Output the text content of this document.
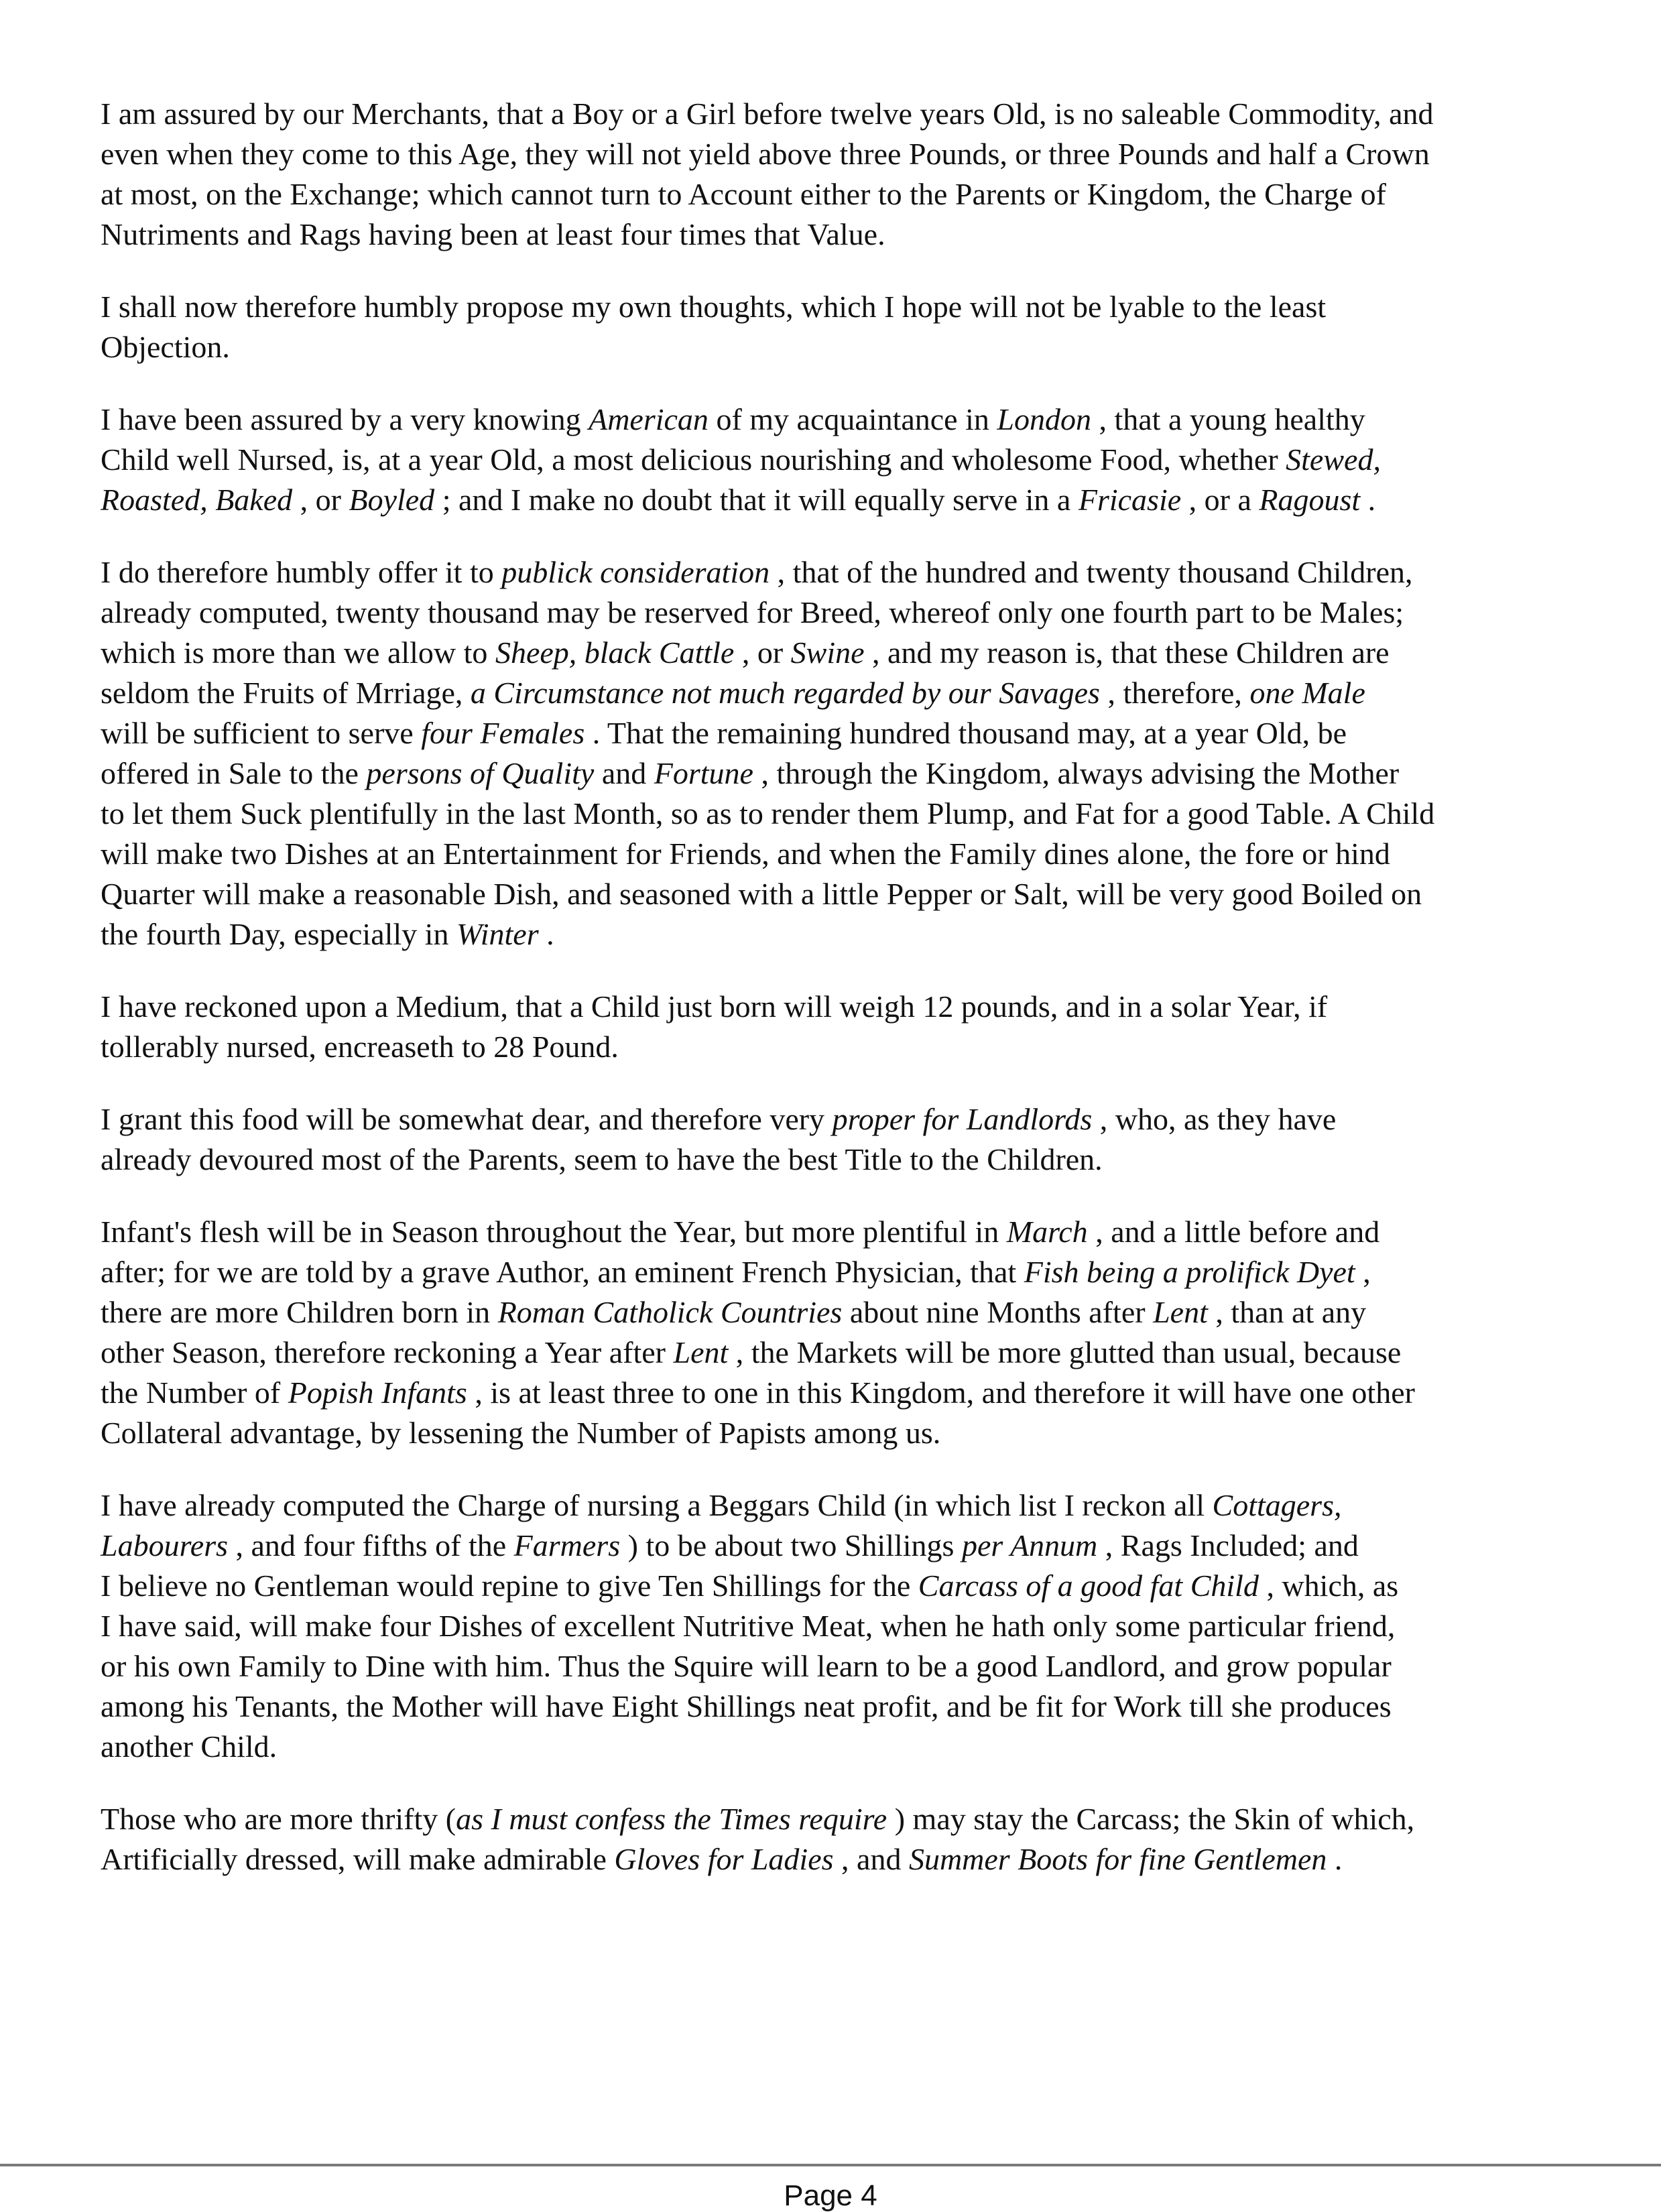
I am assured by our Merchants, that a Boy or a Girl before twelve years Old, is no saleable Commodity, and
even when they come to this Age, they will not yield above three Pounds, or three Pounds and half a Crown
at most, on the Exchange; which cannot turn to Account either to the Parents or Kingdom, the Charge of
Nutriments and Rags having been at least four times that Value.

I shall now therefore humbly propose my own thoughts, which I hope will not be lyable to the least
Objection.

I have been assured by a very knowing American of my acquaintance in London , that a young healthy
Child well Nursed, is, at a year Old, a most delicious nourishing and wholesome Food, whether Stewed,
Roasted, Baked , or Boyled ; and I make no doubt that it will equally serve in a Fricasie , or a Ragoust .

I do therefore humbly offer it to publick consideration , that of the hundred and twenty thousand Children,
already computed, twenty thousand may be reserved for Breed, whereof only one fourth part to be Males;
which is more than we allow to Sheep, black Cattle , or Swine , and my reason is, that these Children are
seldom the Fruits of Mrriage, a Circumstance not much regarded by our Savages , therefore, one Male
will be sufficient to serve four Females . That the remaining hundred thousand may, at a year Old, be
offered in Sale to the persons of Quality and Fortune , through the Kingdom, always advising the Mother
to let them Suck plentifully in the last Month, so as to render them Plump, and Fat for a good Table. A Child
will make two Dishes at an Entertainment for Friends, and when the Family dines alone, the fore or hind
Quarter will make a reasonable Dish, and seasoned with a little Pepper or Salt, will be very good Boiled on
the fourth Day, especially in Winter .

I have reckoned upon a Medium, that a Child just born will weigh 12 pounds, and in a solar Year, if
tollerably nursed, encreaseth to 28 Pound.

I grant this food will be somewhat dear, and therefore very proper for Landlords , who, as they have
already devoured most of the Parents, seem to have the best Title to the Children.

Infant's flesh will be in Season throughout the Year, but more plentiful in March , and a little before and
after; for we are told by a grave Author, an eminent French Physician, that Fish being a prolifick Dyet ,
there are more Children born in Roman Catholick Countries about nine Months after Lent , than at any
other Season, therefore reckoning a Year after Lent , the Markets will be more glutted than usual, because
the Number of Popish Infants , is at least three to one in this Kingdom, and therefore it will have one other
Collateral advantage, by lessening the Number of Papists among us.

I have already computed the Charge of nursing a Beggars Child (in which list I reckon all Cottagers,
Labourers , and four fifths of the Farmers ) to be about two Shillings per Annum , Rags Included; and
I believe no Gentleman would repine to give Ten Shillings for the Carcass of a good fat Child , which, as
I have said, will make four Dishes of excellent Nutritive Meat, when he hath only some particular friend,
or his own Family to Dine with him. Thus the Squire will learn to be a good Landlord, and grow popular
among his Tenants, the Mother will have Eight Shillings neat profit, and be fit for Work till she produces
another Child.

Those who are more thrifty (as I must confess the Times require ) may stay the Carcass; the Skin of which,
Artificially dressed, will make admirable Gloves for Ladies , and Summer Boots for fine Gentlemen .

Page 4
